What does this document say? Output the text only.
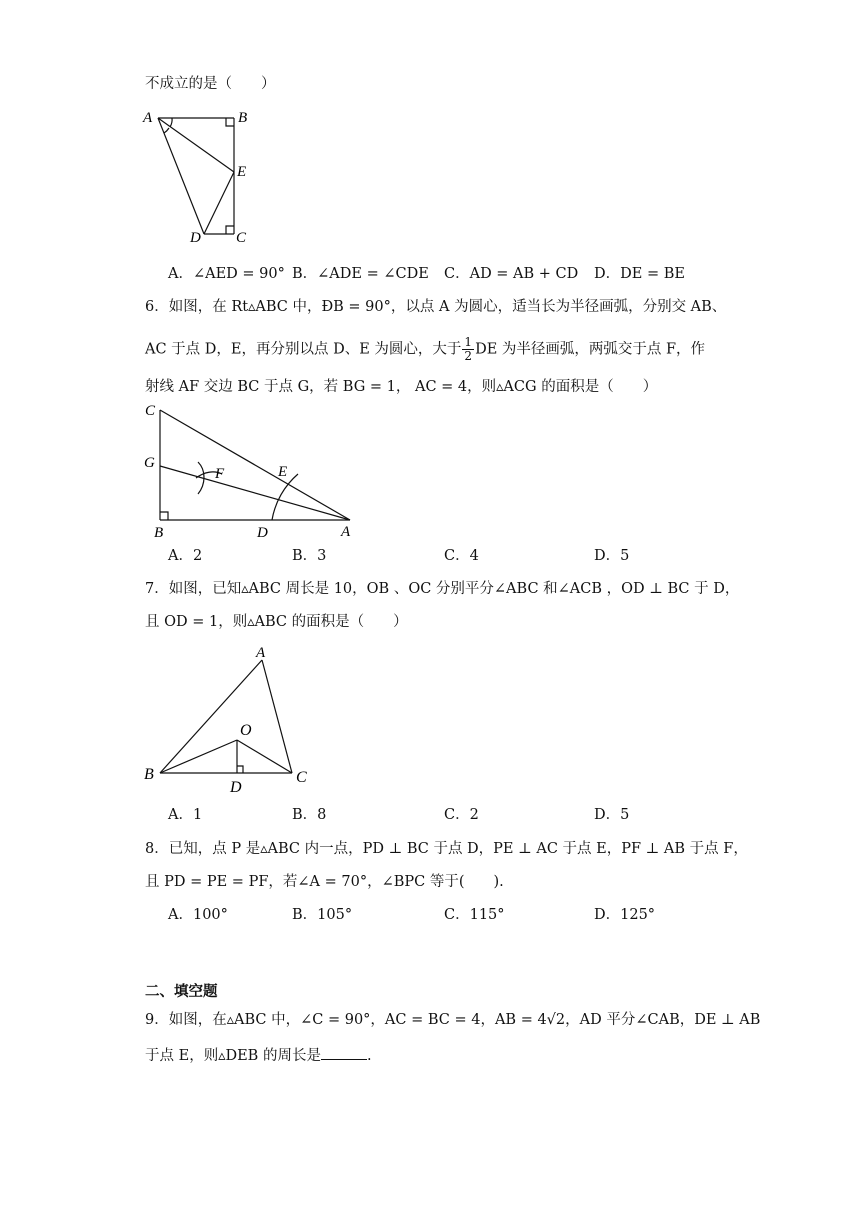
不成立的是（　　）
A	B
E
D C
A．∠AED = 90° B．∠ADE = ∠CDE C．AD = AB + CD D．DE = BE
6．如图，在 Rt▵ABC 中，ÐB = 90°，以点 A 为圆心，适当长为半径画弧，分别交 AB、
AC 于点 D，E，再分别以点 D、E 为圆心，大于 $\frac{1}{2}$ DE 为半径画弧，两弧交于点 F，作
射线 AF 交边 BC 于点 G，若 BG = 1， AC = 4，则▵ACG 的面积是（　　）
C
G
F	E
B	D	A
A．2	B．3	C．4	D．5
7．如图，已知▵ABC 周长是 10，OB 、OC 分别平分∠ABC 和∠ACB ，OD ⊥ BC 于 D，
且 OD = 1，则▵ABC 的面积是（　　）
A
O
B
D
C
A．1	B．8	C．2	D．5
8．已知，点 P 是▵ABC 内一点，PD ⊥ BC 于点 D，PE ⊥ AC 于点 E，PF ⊥ AB 于点 F，
且 PD = PE = PF，若∠A = 70°，∠BPC 等于(　　).
A．100°	B．105°	C．115°	D．125°
二、填空题
9．如图，在▵ABC 中，∠C = 90°，AC = BC = 4，AB = 4√2，AD 平分∠CAB，DE ⊥ AB
于点 E，则▵DEB 的周长是	.
